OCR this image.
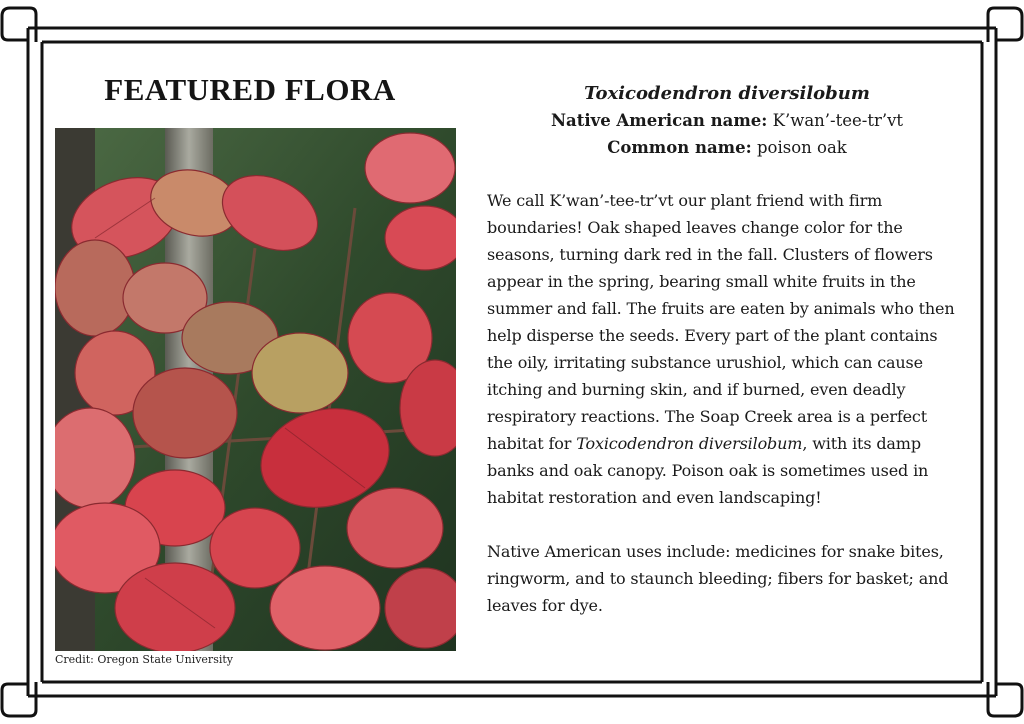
FEATURED FLORA
Credit: Oregon State University
Toxicodendron diversilobum
Native American name: K’wan’-tee-tr’vt
Common name: poison oak

We call K’wan’-tee-tr’vt our plant friend with firm boundaries! Oak shaped leaves change color for the seasons, turning dark red in the fall. Clusters of flowers appear in the spring, bearing small white fruits in the summer and fall. The fruits are eaten by animals who then help disperse the seeds. Every part of the plant contains the oily, irritating substance urushiol, which can cause itching and burning skin, and if burned, even deadly respiratory reactions. The Soap Creek area is a perfect habitat for Toxicodendron diversilobum, with its damp banks and oak canopy. Poison oak is sometimes used in habitat restoration and even landscaping!

Native American uses include: medicines for snake bites, ringworm, and to staunch bleeding; fibers for basket; and leaves for dye.
